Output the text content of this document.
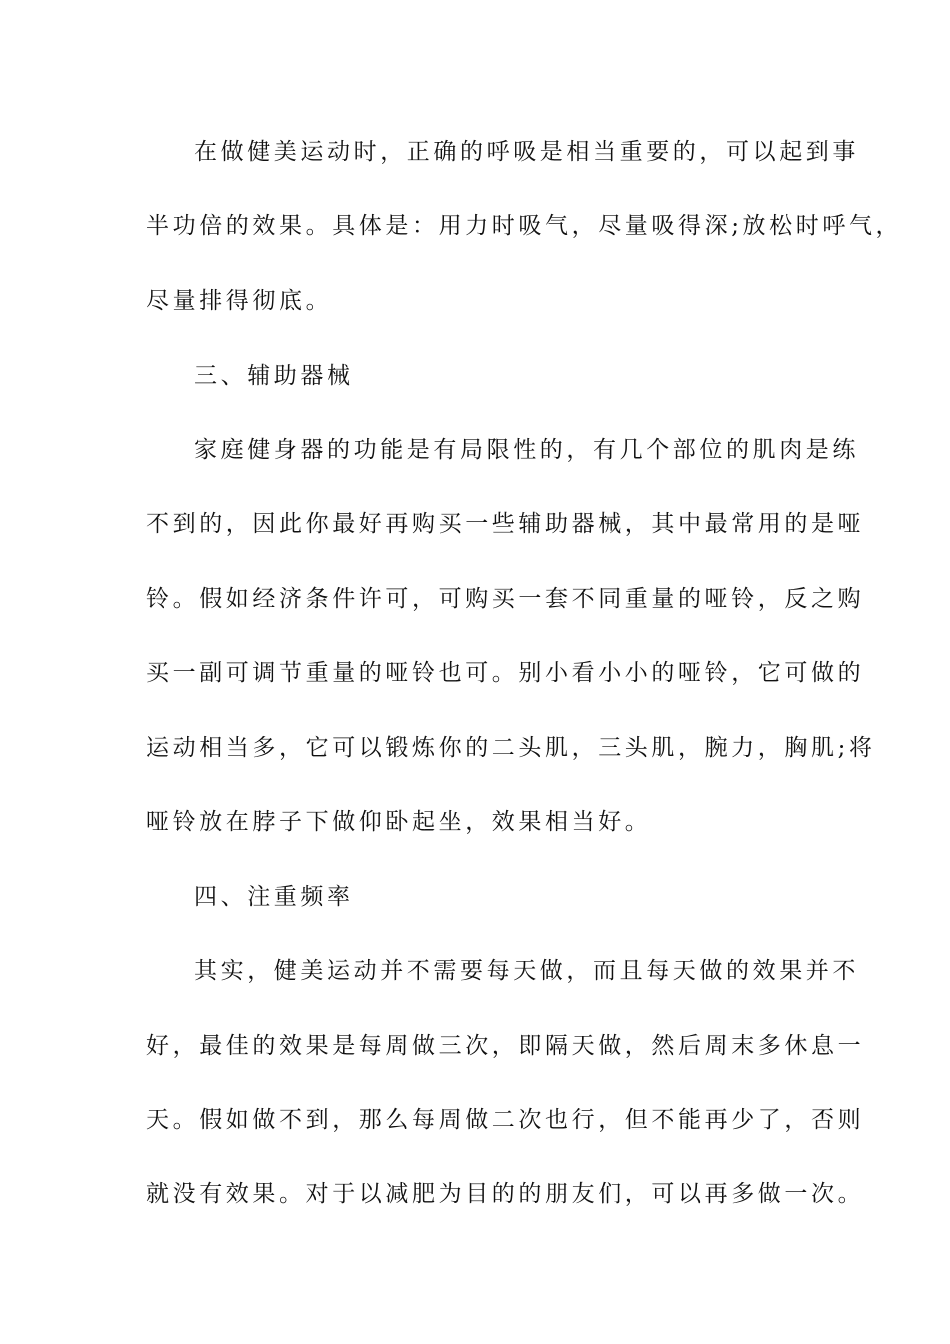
在做健美运动时，正确的呼吸是相当重要的，可以起到事
半功倍的效果。具体是：用力时吸气，尽量吸得深;放松时呼气，
尽量排得彻底。
三、辅助器械
家庭健身器的功能是有局限性的，有几个部位的肌肉是练
不到的，因此你最好再购买一些辅助器械，其中最常用的是哑
铃。假如经济条件许可，可购买一套不同重量的哑铃，反之购
买一副可调节重量的哑铃也可。别小看小小的哑铃，它可做的
运动相当多，它可以锻炼你的二头肌，三头肌，腕力，胸肌;将
哑铃放在脖子下做仰卧起坐，效果相当好。
四、注重频率
其实，健美运动并不需要每天做，而且每天做的效果并不
好，最佳的效果是每周做三次，即隔天做，然后周末多休息一
天。假如做不到，那么每周做二次也行，但不能再少了，否则
就没有效果。对于以减肥为目的的朋友们，可以再多做一次。
